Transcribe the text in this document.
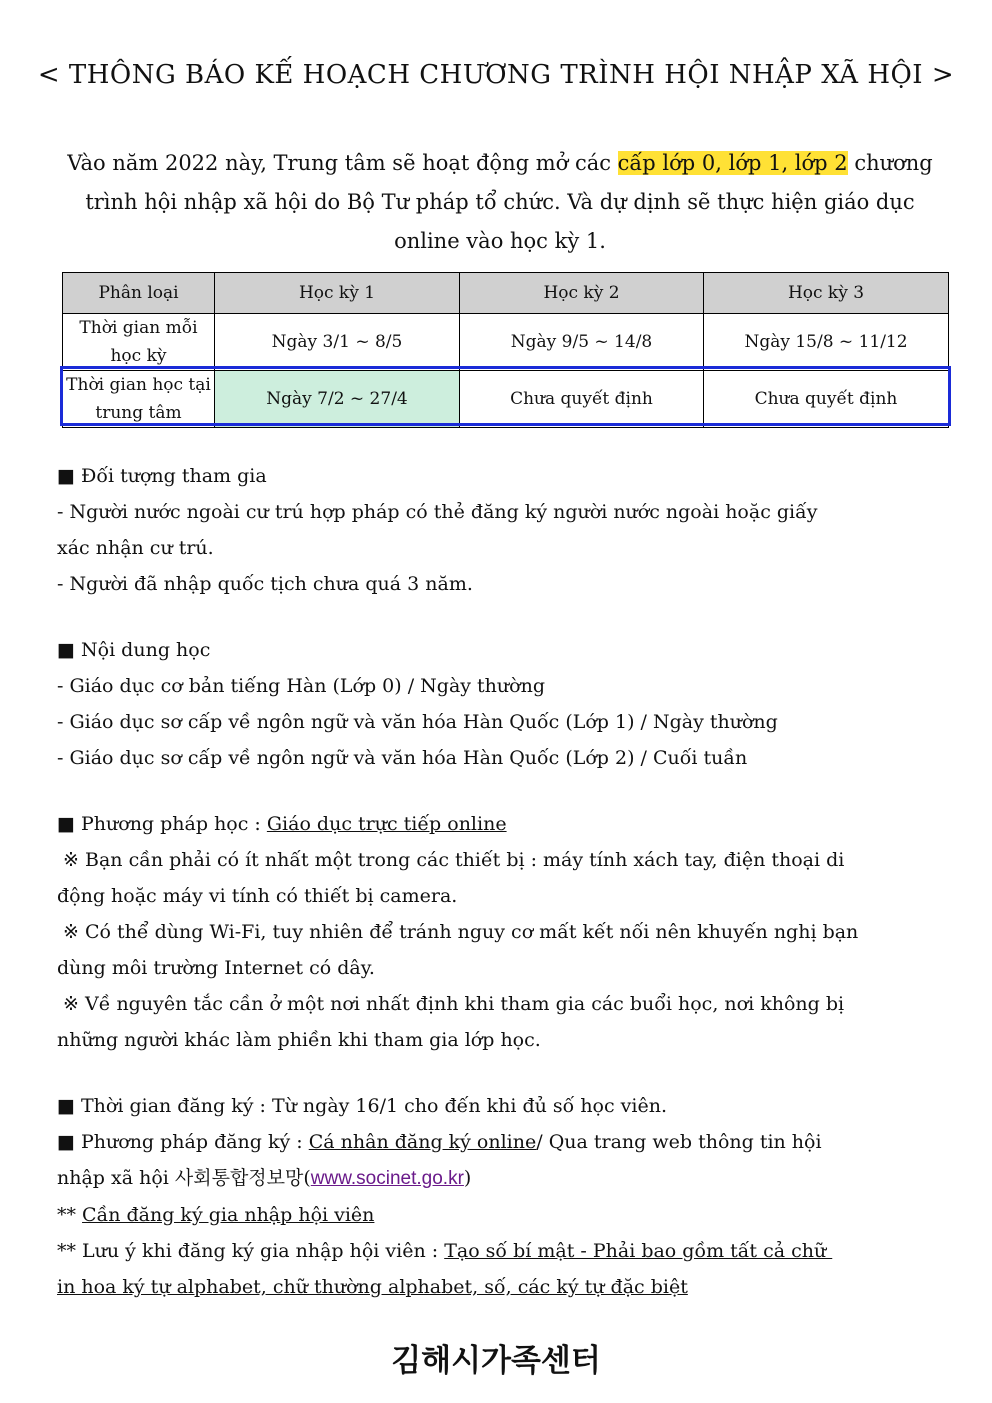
< THÔNG BÁO KẾ HOẠCH CHƯƠNG TRÌNH HỘI NHẬP XÃ HỘI >
Vào năm 2022 này, Trung tâm sẽ hoạt động mở các cấp lớp 0, lớp 1, lớp 2 chương trình hội nhập xã hội do Bộ Tư pháp tổ chức. Và dự dịnh sẽ thực hiện giáo dục online vào học kỳ 1.
Phân loại	Học kỳ 1	Học kỳ 2	Học kỳ 3
Thời gian mỗi học kỳ	Ngày 3/1 ~ 8/5	Ngày 9/5 ~ 14/8	Ngày 15/8 ~ 11/12
Thời gian học tại trung tâm	Ngày 7/2 ~ 27/4	Chưa quyết định	Chưa quyết định
■ Đối tượng tham gia
- Người nước ngoài cư trú hợp pháp có thẻ đăng ký người nước ngoài hoặc giấy
xác nhận cư trú.
- Người đã nhập quốc tịch chưa quá 3 năm.
■ Nội dung học
- Giáo dục cơ bản tiếng Hàn (Lớp 0) / Ngày thường
- Giáo dục sơ cấp về ngôn ngữ và văn hóa Hàn Quốc (Lớp 1) / Ngày thường
- Giáo dục sơ cấp về ngôn ngữ và văn hóa Hàn Quốc (Lớp 2) / Cuối tuần
■ Phương pháp học : Giáo dục trực tiếp online
※ Bạn cần phải có ít nhất một trong các thiết bị : máy tính xách tay, điện thoại di
động hoặc máy vi tính có thiết bị camera.
※ Có thể dùng Wi-Fi, tuy nhiên để tránh nguy cơ mất kết nối nên khuyến nghị bạn
dùng môi trường Internet có dây.
※ Về nguyên tắc cần ở một nơi nhất định khi tham gia các buổi học, nơi không bị
những người khác làm phiền khi tham gia lớp học.
■ Thời gian đăng ký : Từ ngày 16/1 cho đến khi đủ số học viên.
■ Phương pháp đăng ký : Cá nhân đăng ký online/ Qua trang web thông tin hội
nhập xã hội 사회통합정보망(www.socinet.go.kr)
** Cần đăng ký gia nhập hội viên
** Lưu ý khi đăng ký gia nhập hội viên : Tạo số bí mật - Phải bao gồm tất cả chữ
in hoa ký tự alphabet, chữ thường alphabet, số, các ký tự đặc biệt
김해시가족센터
